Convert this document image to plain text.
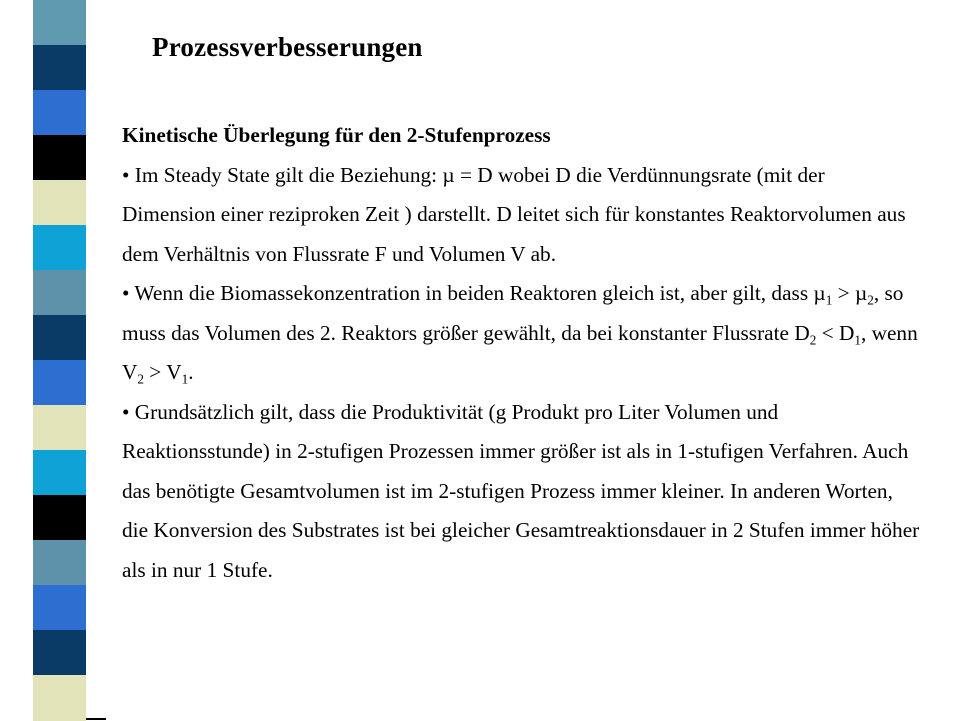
Prozessverbesserungen

Kinetische Überlegung für den 2-Stufenprozess

• Im Steady State gilt die Beziehung: µ = D wobei D die Verdünnungsrate (mit der Dimension einer reziproken Zeit ) darstellt. D leitet sich für konstantes Reaktorvolumen aus dem Verhältnis von Flussrate F und Volumen V ab.

• Wenn die Biomassekonzentration in beiden Reaktoren gleich ist, aber gilt, dass µ$_1$ > µ$_2$, so muss das Volumen des 2. Reaktors größer gewählt, da bei konstanter Flussrate $D_2 < D_1$, wenn $V_2 > V_1$.

• Grundsätzlich gilt, dass die Produktivität (g Produkt pro Liter Volumen und Reaktionsstunde) in 2-stufigen Prozessen immer größer ist als in 1-stufigen Verfahren. Auch das benötigte Gesamtvolumen ist im 2-stufigen Prozess immer kleiner. In anderen Worten, die Konversion des Substrates ist bei gleicher Gesamtreaktionsdauer in 2 Stufen immer höher als in nur 1 Stufe.
